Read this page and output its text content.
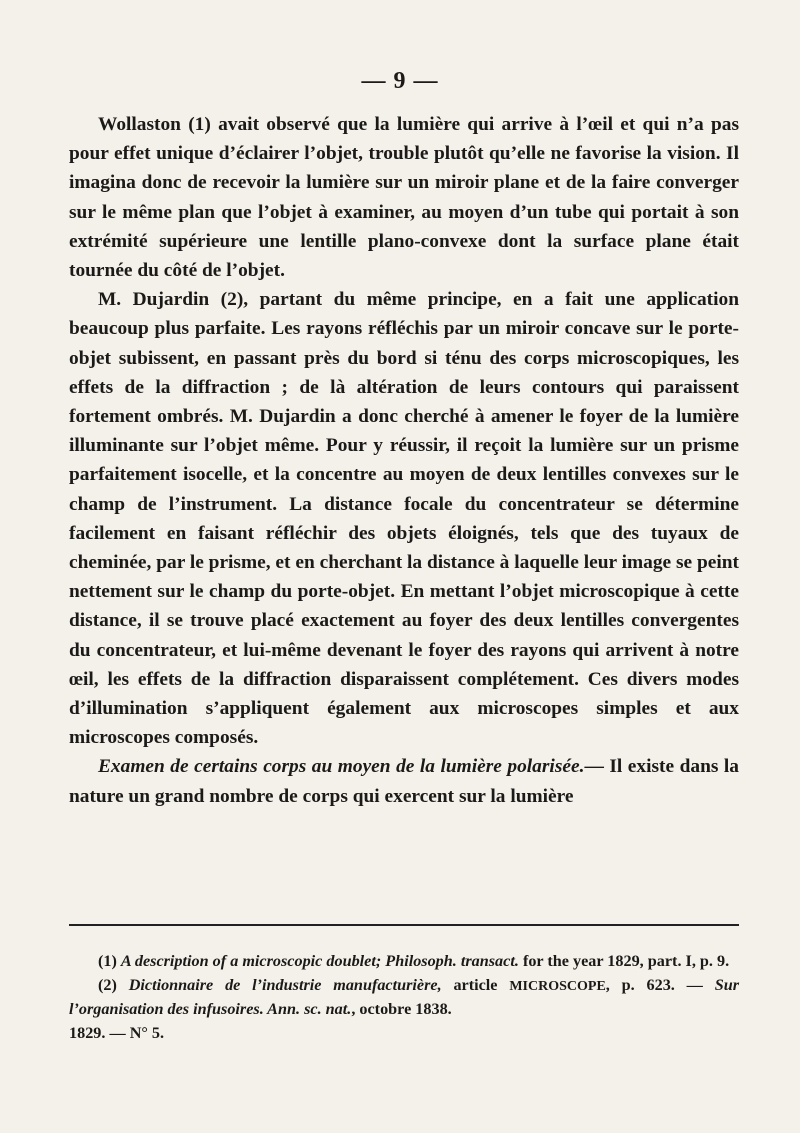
— 9 —

Wollaston (1) avait observé que la lumière qui arrive à l’œil et qui n’a pas pour effet unique d’éclairer l’objet, trouble plutôt qu’elle ne favorise la vision. Il imagina donc de recevoir la lumière sur un miroir plane et de la faire converger sur le même plan que l’objet à examiner, au moyen d’un tube qui portait à son extrémité supérieure une lentille plano-convexe dont la surface plane était tournée du côté de l’objet.

M. Dujardin (2), partant du même principe, en a fait une application beaucoup plus parfaite. Les rayons réfléchis par un miroir concave sur le porte-objet subissent, en passant près du bord si ténu des corps microscopiques, les effets de la diffraction ; de là altération de leurs contours qui paraissent fortement ombrés. M. Dujardin a donc cherché à amener le foyer de la lumière illuminante sur l’objet même. Pour y réussir, il reçoit la lumière sur un prisme parfaitement isocelle, et la concentre au moyen de deux lentilles convexes sur le champ de l’instrument. La distance focale du concentrateur se détermine facilement en faisant réfléchir des objets éloignés, tels que des tuyaux de cheminée, par le prisme, et en cherchant la distance à laquelle leur image se peint nettement sur le champ du porte-objet. En mettant l’objet microscopique à cette distance, il se trouve placé exactement au foyer des deux lentilles convergentes du concentrateur, et lui-même devenant le foyer des rayons qui arrivent à notre œil, les effets de la diffraction disparaissent complétement. Ces divers modes d’illumination s’appliquent également aux microscopes simples et aux microscopes composés.

Examen de certains corps au moyen de la lumière polarisée.— Il existe dans la nature un grand nombre de corps qui exercent sur la lumière

(1) A description of a microscopic doublet; Philosoph. transact. for the year 1829, part. I, p. 9.

(2) Dictionnaire de l’industrie manufacturière, article MICROSCOPE, p. 623. — Sur l’organisation des infusoires. Ann. sc. nat., octobre 1838.

1829. — N° 5.
